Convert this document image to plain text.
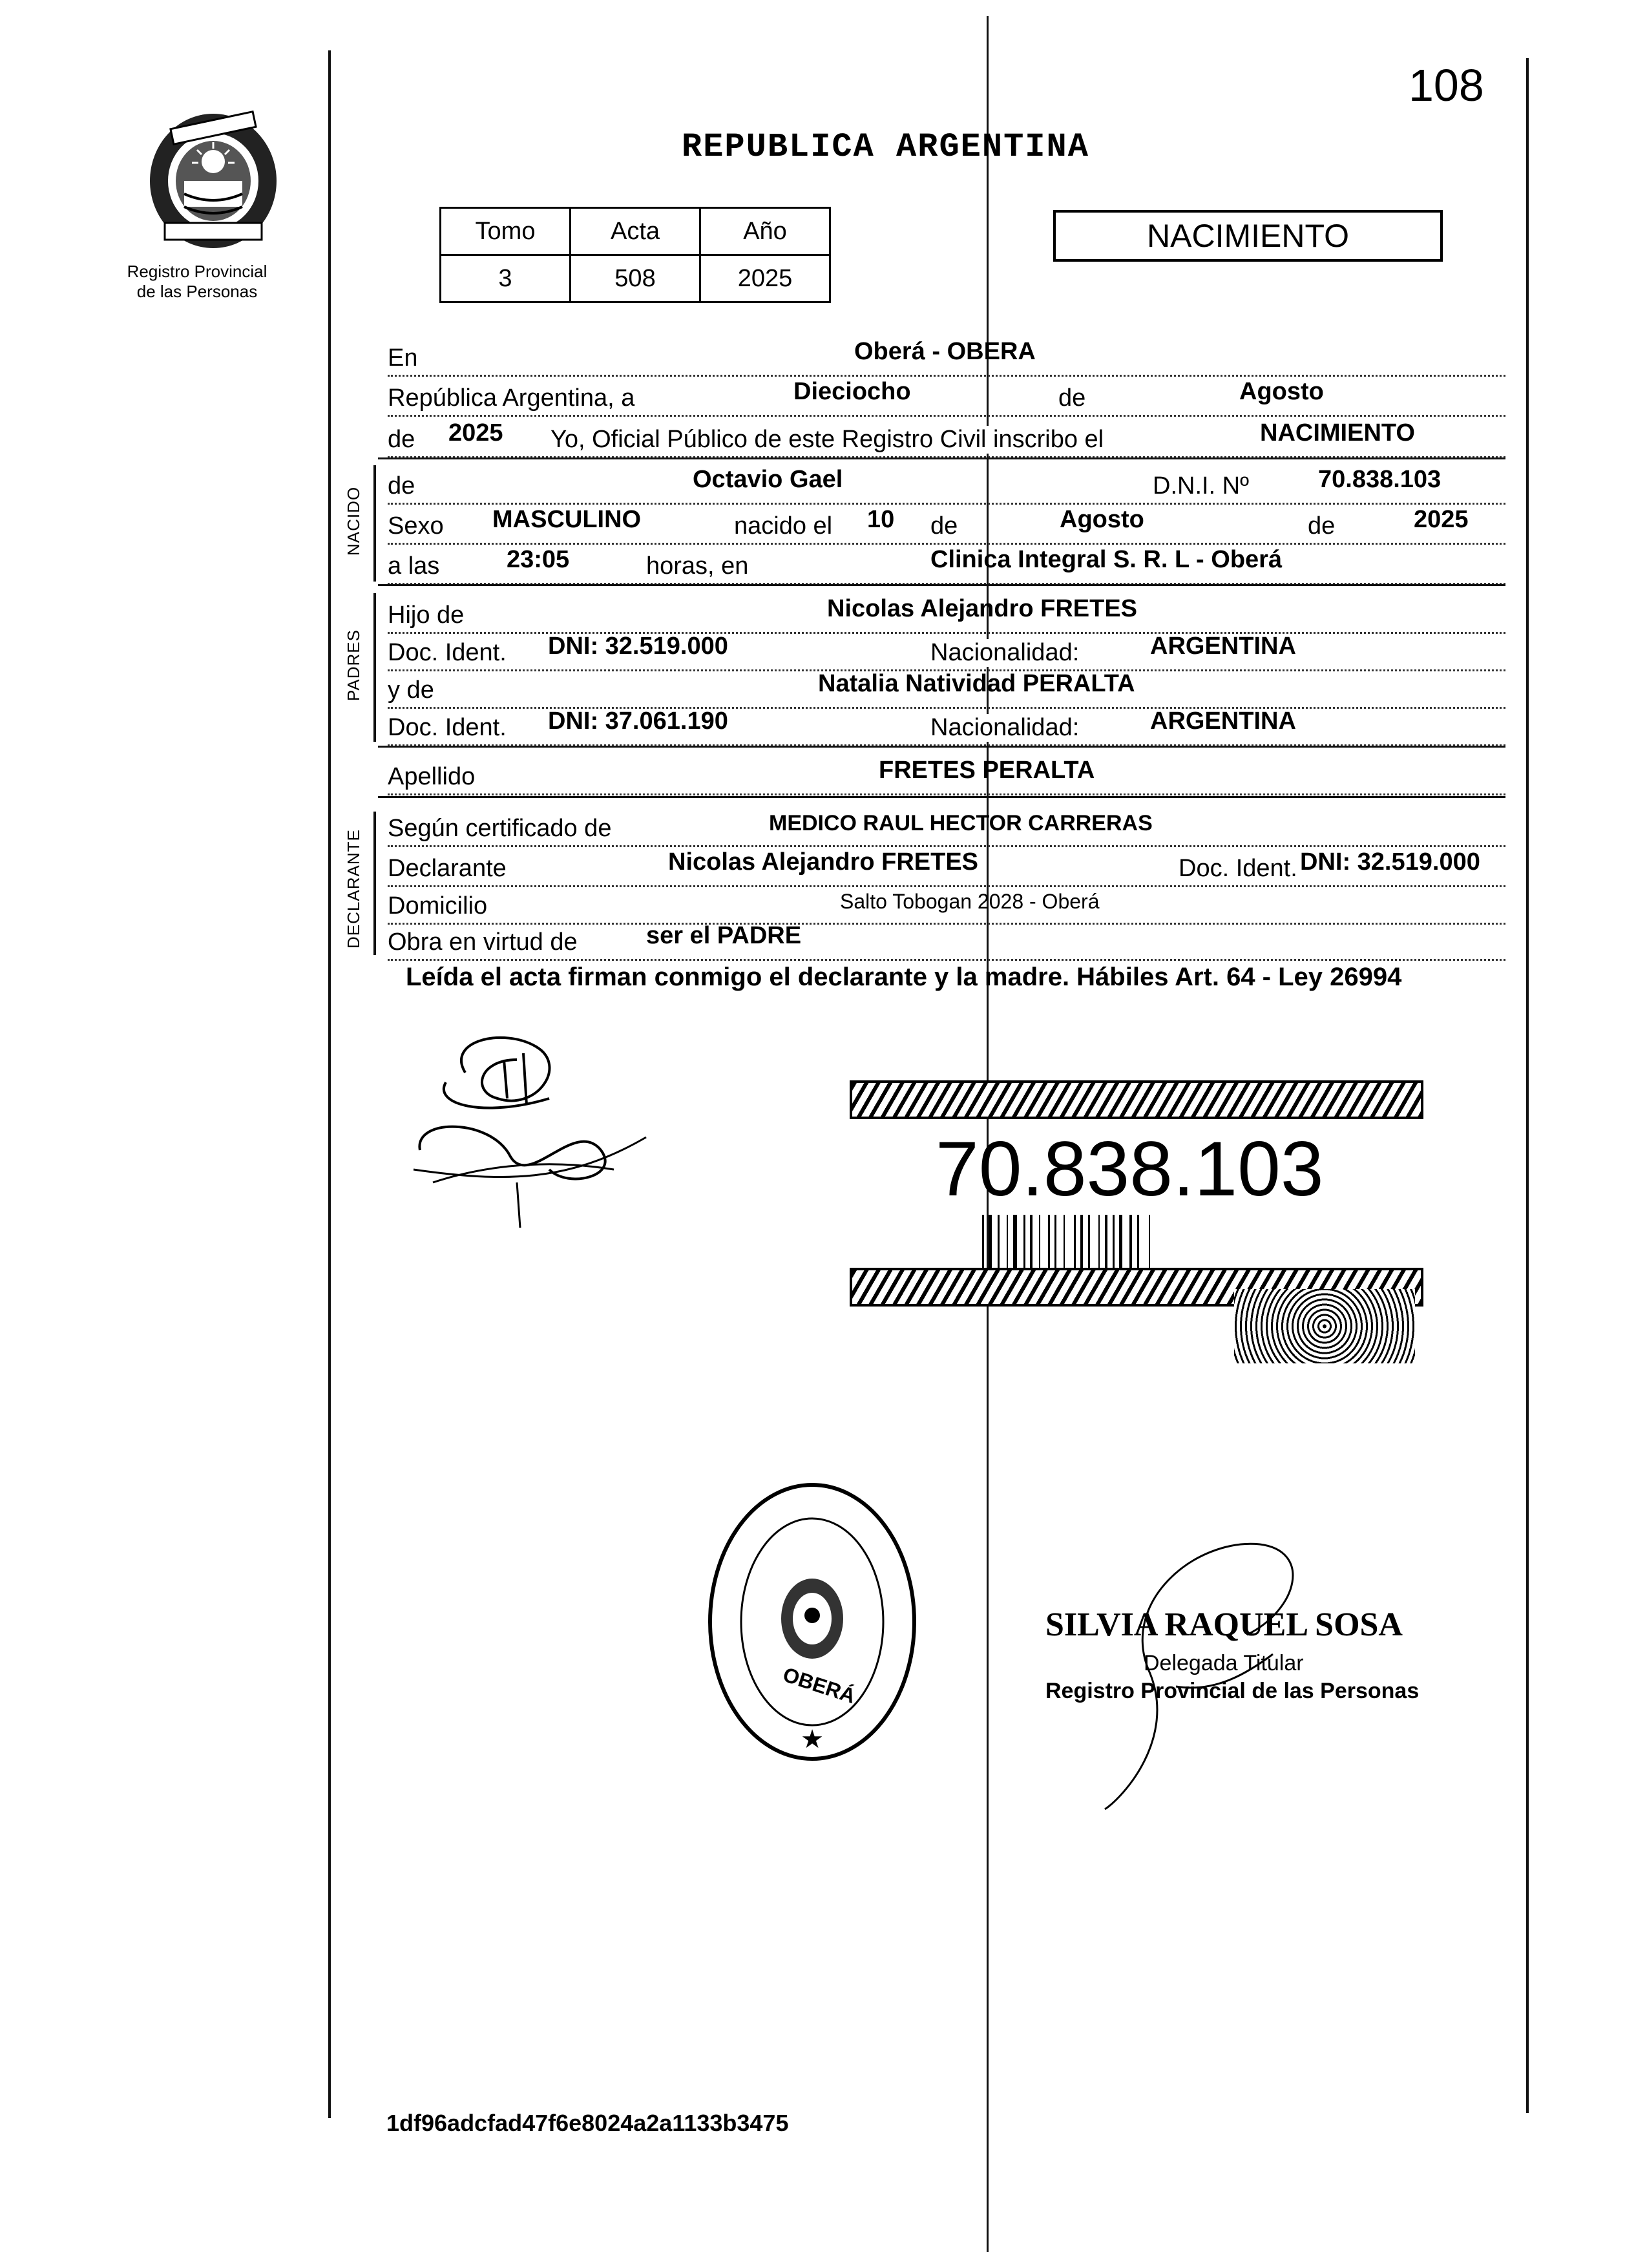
108
Registro Provincial
de las Personas
REPUBLICA ARGENTINA
Tomo	Acta	Año
3	508	2025
NACIMIENTO
En	Oberá - OBERA
República Argentina, a	Dieciocho	de	Agosto
de 2025 Yo, Oficial Público de este Registro Civil inscribo el	NACIMIENTO
NACIDO
de	Octavio Gael	D.N.I. Nº	70.838.103
Sexo MASCULINO	nacido el 10 de	Agosto	de	2025
a las	23:05	horas, en	Clinica Integral S. R. L - Oberá
PADRES
Hijo de	Nicolas Alejandro FRETES
Doc. Ident. DNI: 32.519.000	Nacionalidad:	ARGENTINA
y de	Natalia Natividad PERALTA
Doc. Ident. DNI: 37.061.190	Nacionalidad:	ARGENTINA
Apellido	FRETES PERALTA
DECLARANTE
Según certificado de	MEDICO RAUL HECTOR CARRERAS
Declarante	Nicolas Alejandro FRETES	Doc. Ident. DNI: 32.519.000
Domicilio	Salto Tobogan 2028 - Oberá
Obra en virtud de	ser el PADRE
Leída el acta firman conmigo el declarante y la madre. Hábiles Art. 64 - Ley 26994
70.838.103
★
OBERÁ
SILVIA RAQUEL SOSA
Delegada Titular
Registro Provincial de las Personas
1df96adcfad47f6e8024a2a1133b3475
